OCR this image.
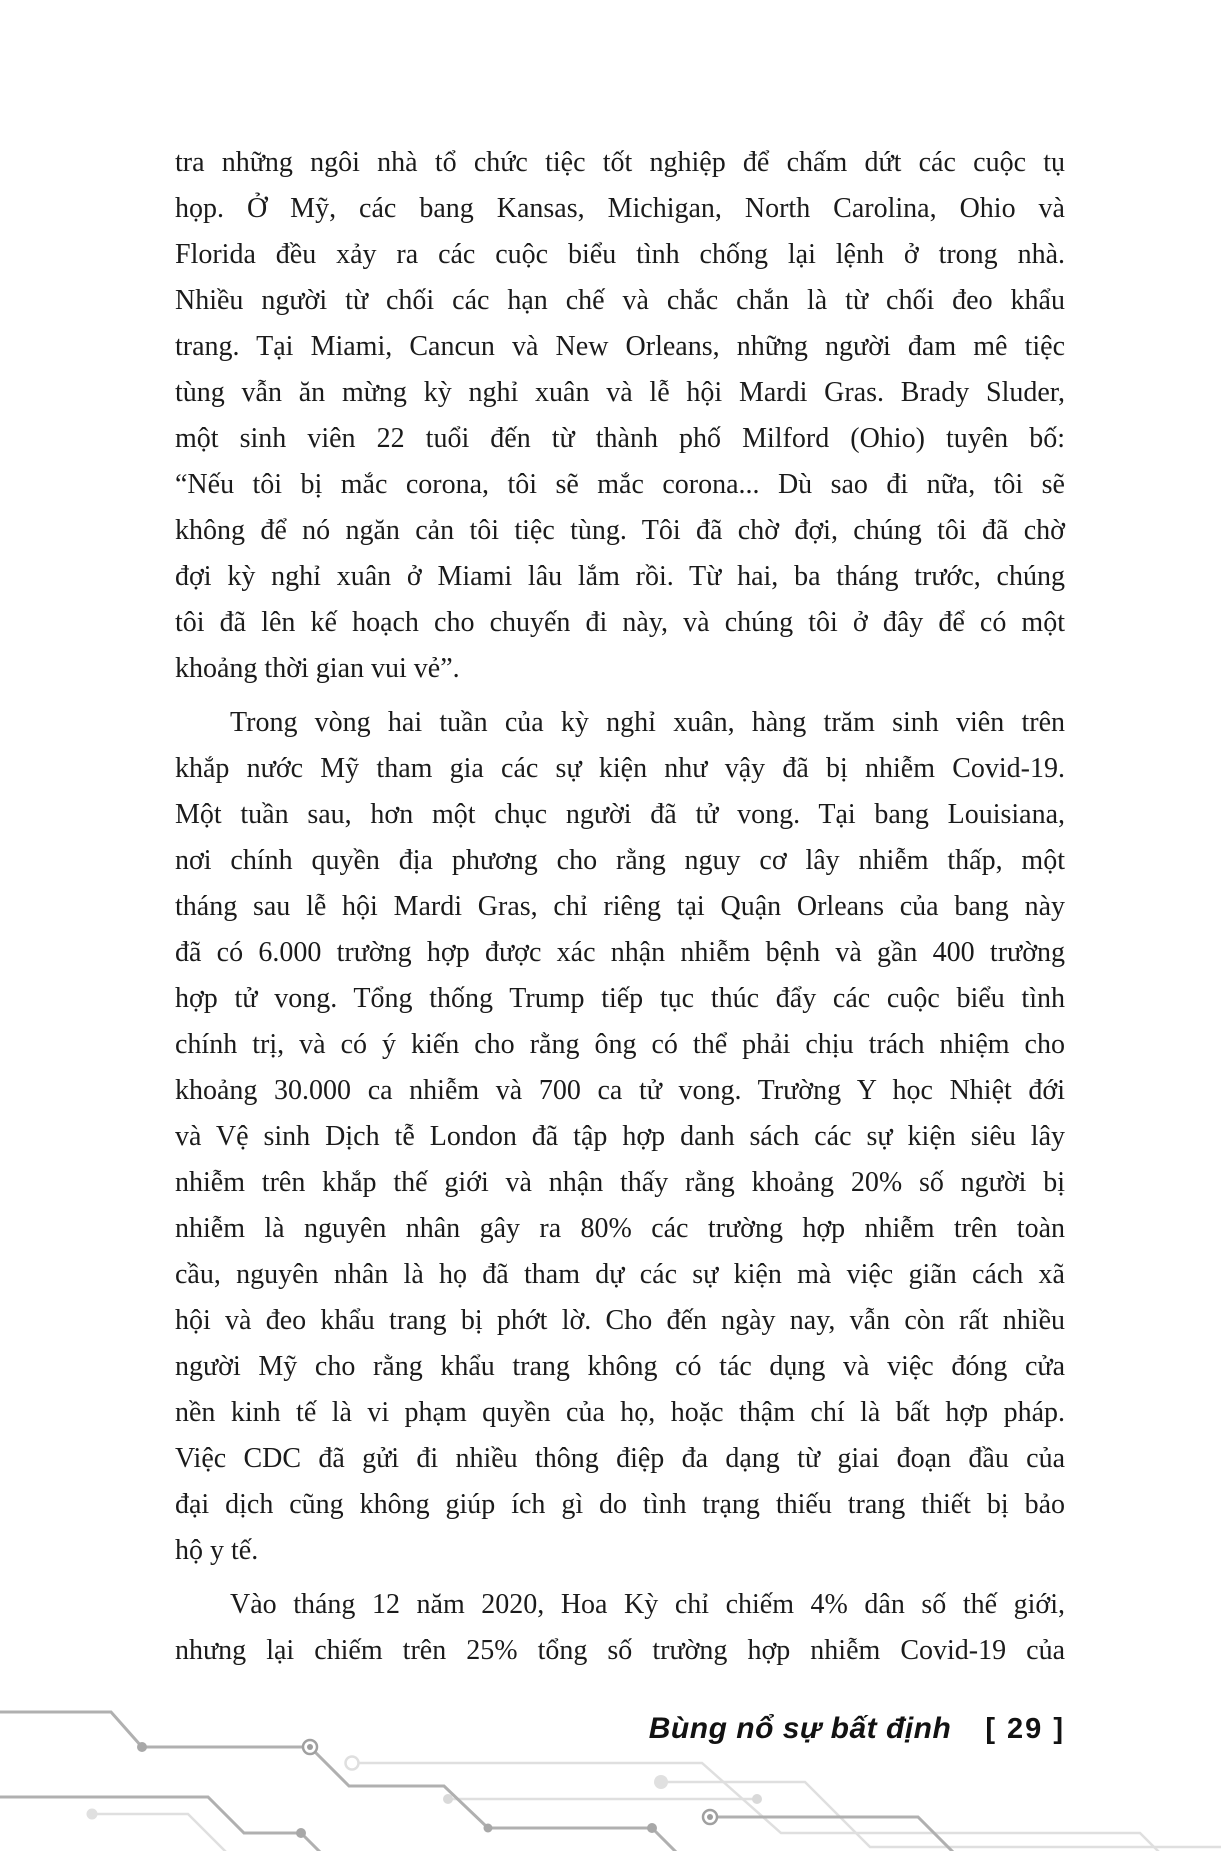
tra những ngôi nhà tổ chức tiệc tốt nghiệp để chấm dứt các cuộc tụ
họp. Ở Mỹ, các bang Kansas, Michigan, North Carolina, Ohio và
Florida đều xảy ra các cuộc biểu tình chống lại lệnh ở trong nhà.
Nhiều người từ chối các hạn chế và chắc chắn là từ chối đeo khẩu
trang. Tại Miami, Cancun và New Orleans, những người đam mê tiệc
tùng vẫn ăn mừng kỳ nghỉ xuân và lễ hội Mardi Gras. Brady Sluder,
một sinh viên 22 tuổi đến từ thành phố Milford (Ohio) tuyên bố:
“Nếu tôi bị mắc corona, tôi sẽ mắc corona... Dù sao đi nữa, tôi sẽ
không để nó ngăn cản tôi tiệc tùng. Tôi đã chờ đợi, chúng tôi đã chờ
đợi kỳ nghỉ xuân ở Miami lâu lắm rồi. Từ hai, ba tháng trước, chúng
tôi đã lên kế hoạch cho chuyến đi này, và chúng tôi ở đây để có một
khoảng thời gian vui vẻ”.
Trong vòng hai tuần của kỳ nghỉ xuân, hàng trăm sinh viên trên
khắp nước Mỹ tham gia các sự kiện như vậy đã bị nhiễm Covid-19.
Một tuần sau, hơn một chục người đã tử vong. Tại bang Louisiana,
nơi chính quyền địa phương cho rằng nguy cơ lây nhiễm thấp, một
tháng sau lễ hội Mardi Gras, chỉ riêng tại Quận Orleans của bang này
đã có 6.000 trường hợp được xác nhận nhiễm bệnh và gần 400 trường
hợp tử vong. Tổng thống Trump tiếp tục thúc đẩy các cuộc biểu tình
chính trị, và có ý kiến cho rằng ông có thể phải chịu trách nhiệm cho
khoảng 30.000 ca nhiễm và 700 ca tử vong. Trường Y học Nhiệt đới
và Vệ sinh Dịch tễ London đã tập hợp danh sách các sự kiện siêu lây
nhiễm trên khắp thế giới và nhận thấy rằng khoảng 20% số người bị
nhiễm là nguyên nhân gây ra 80% các trường hợp nhiễm trên toàn
cầu, nguyên nhân là họ đã tham dự các sự kiện mà việc giãn cách xã
hội và đeo khẩu trang bị phớt lờ. Cho đến ngày nay, vẫn còn rất nhiều
người Mỹ cho rằng khẩu trang không có tác dụng và việc đóng cửa
nền kinh tế là vi phạm quyền của họ, hoặc thậm chí là bất hợp pháp.
Việc CDC đã gửi đi nhiều thông điệp đa dạng từ giai đoạn đầu của
đại dịch cũng không giúp ích gì do tình trạng thiếu trang thiết bị bảo
hộ y tế.
Vào tháng 12 năm 2020, Hoa Kỳ chỉ chiếm 4% dân số thế giới,
nhưng lại chiếm trên 25% tổng số trường hợp nhiễm Covid-19 của
Bùng nổ sự bất định [ 29 ]
